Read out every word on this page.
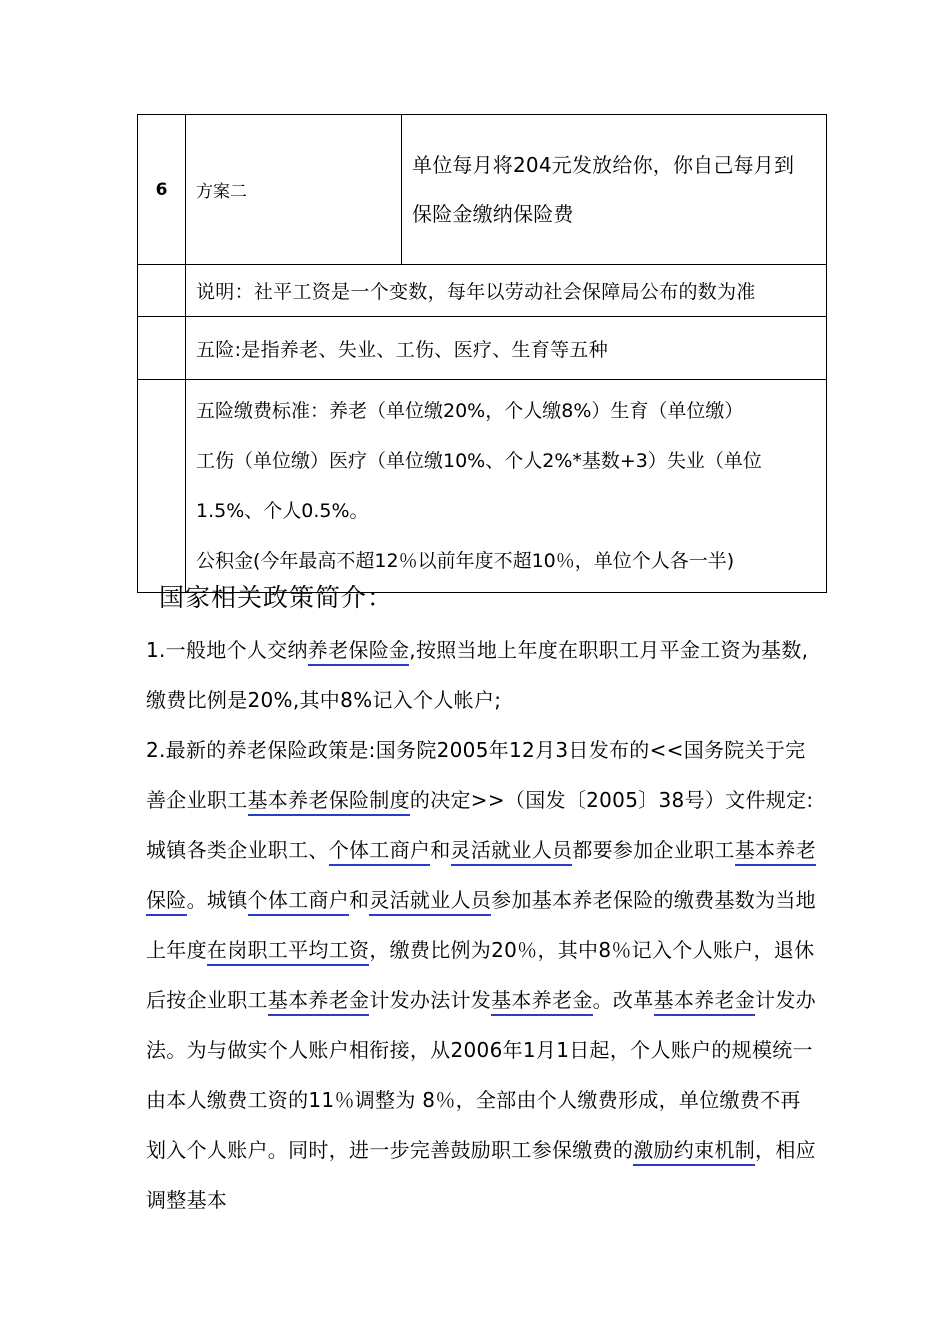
6	方案二	单位每月将204元发放给你，你自己每月到
保险金缴纳保险费

	说明：社平工资是一个变数，每年以劳动社会保障局公布的数为准	
	五险:是指养老、失业、工伤、医疗、生育等五种	

	五险缴费标准：养老（单位缴20%，个人缴8%）生育（单位缴）
工伤（单位缴）医疗（单位缴10%、个人2%*基数+3）失业（单位
1.5%、个人0.5%。
公积金(今年最高不超12％以前年度不超10％，单位个人各一半)	
国家相关政策简介：

1.一般地个人交纳养老保险金,按照当地上年度在职职工月平金工资为基数,缴费比例是20%,其中8%记入个人帐户;

2.最新的养老保险政策是:国务院2005年12月3日发布的<<国务院关于完善企业职工基本养老保险制度的决定>>（国发〔2005〕38号）文件规定:城镇各类企业职工、个体工商户和灵活就业人员都要参加企业职工基本养老保险。城镇个体工商户和灵活就业人员参加基本养老保险的缴费基数为当地上年度在岗职工平均工资，缴费比例为20％，其中8％记入个人账户，退休后按企业职工基本养老金计发办法计发基本养老金。改革基本养老金计发办法。为与做实个人账户相衔接，从2006年1月1日起，个人账户的规模统一由本人缴费工资的11％调整为 8％，全部由个人缴费形成，单位缴费不再划入个人账户。同时，进一步完善鼓励职工参保缴费的激励约束机制，相应调整基本
